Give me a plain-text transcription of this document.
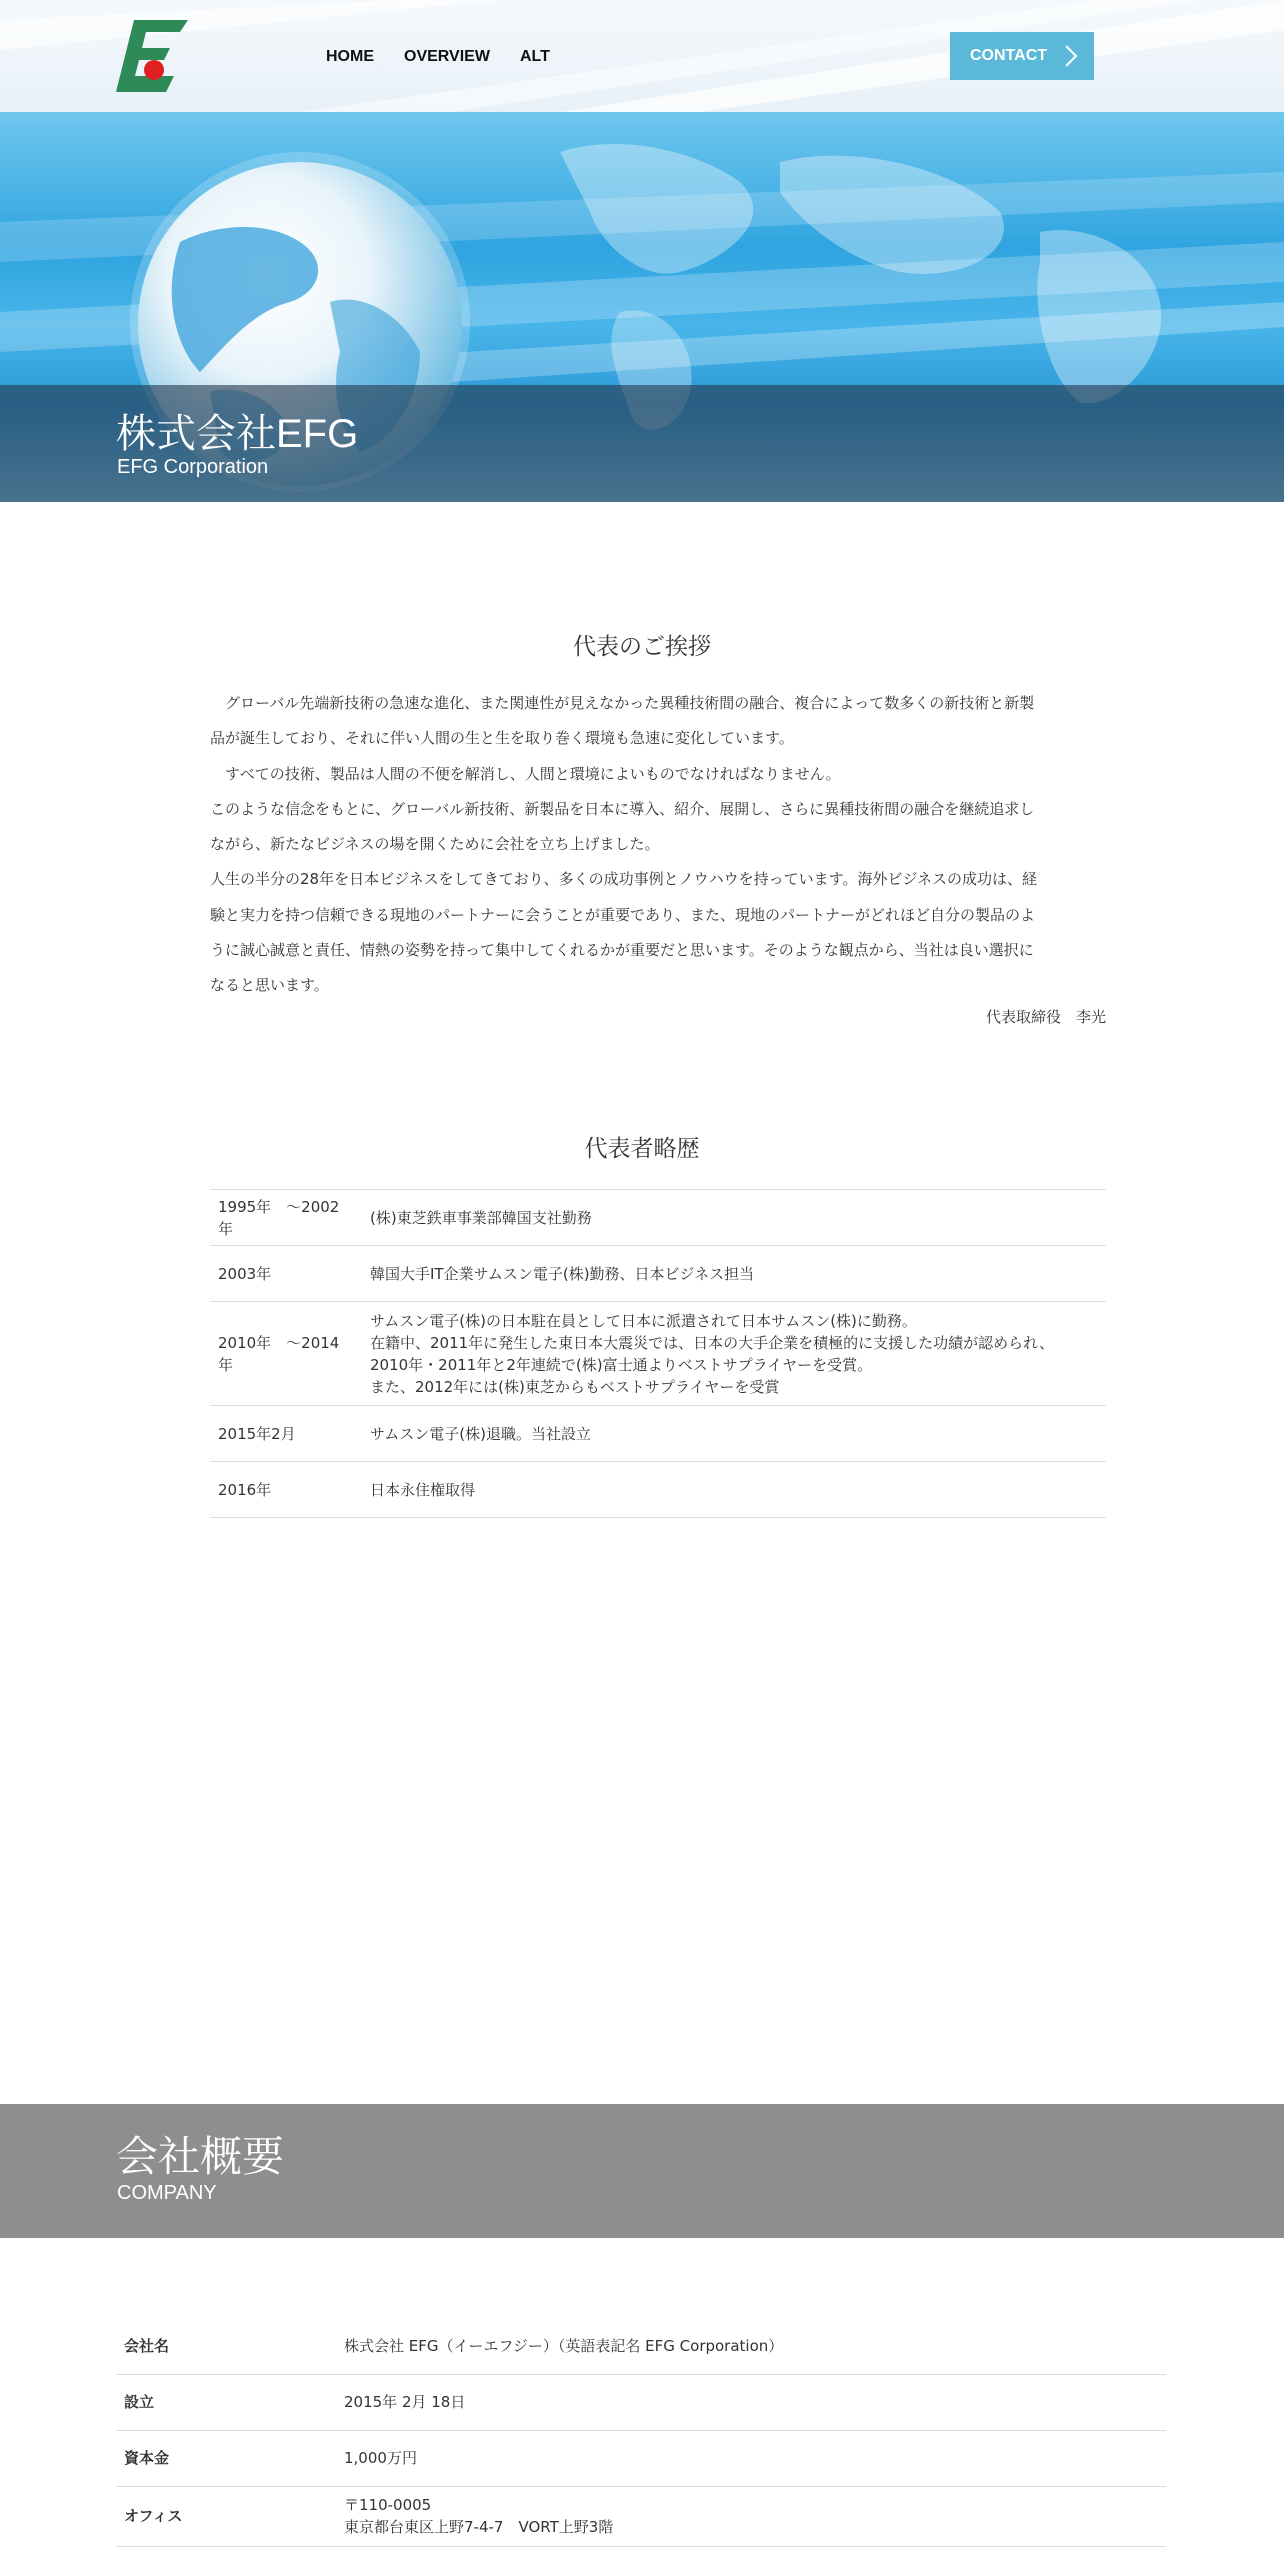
HOME OVERVIEW ALT	CONTACT
株式会社EFG
EFG Corporation
代表のご挨拶

　グローバル先端新技術の急速な進化、また関連性が見えなかった異種技術間の融合、複合によって数多くの新技術と新製

品が誕生しており、それに伴い人間の生と生を取り巻く環境も急速に変化しています。

　すべての技術、製品は人間の不便を解消し、人間と環境によいものでなければなりません。

このような信念をもとに、グローバル新技術、新製品を日本に導入、紹介、展開し、さらに異種技術間の融合を継続追求し

ながら、新たなビジネスの場を開くために会社を立ち上げました。

人生の半分の28年を日本ビジネスをしてきており、多くの成功事例とノウハウを持っています。海外ビジネスの成功は、経

験と実力を持つ信頼できる現地のパートナーに会うことが重要であり、また、現地のパートナーがどれほど自分の製品のよ

うに誠心誠意と責任、情熱の姿勢を持って集中してくれるかが重要だと思います。そのような観点から、当社は良い選択に

なると思います。

代表取締役　李光
代表者略歴
1995年　〜2002年	(株)東芝鉄車事業部韓国支社勤務
2003年	韓国大手IT企業サムスン電子(株)勤務、日本ビジネス担当
2010年　〜2014年	サムスン電子(株)の日本駐在員として日本に派遣されて日本サムスン(株)に勤務。
在籍中、2011年に発生した東日本大震災では、日本の大手企業を積極的に支援した功績が認められ、
2010年・2011年と2年連続で(株)富士通よりベストサプライヤーを受賞。
また、2012年には(株)東芝からもベストサプライヤーを受賞

2015年2月	サムスン電子(株)退職。当社設立
2016年	日本永住権取得
会社概要
COMPANY
会社名	株式会社 EFG（イーエフジー）（英語表記名 EFG Corporation）
設立	2015年 2月 18日
資本金	1,000万円
オフィス	〒110-0005
東京都台東区上野7-4-7　VORT上野3階
